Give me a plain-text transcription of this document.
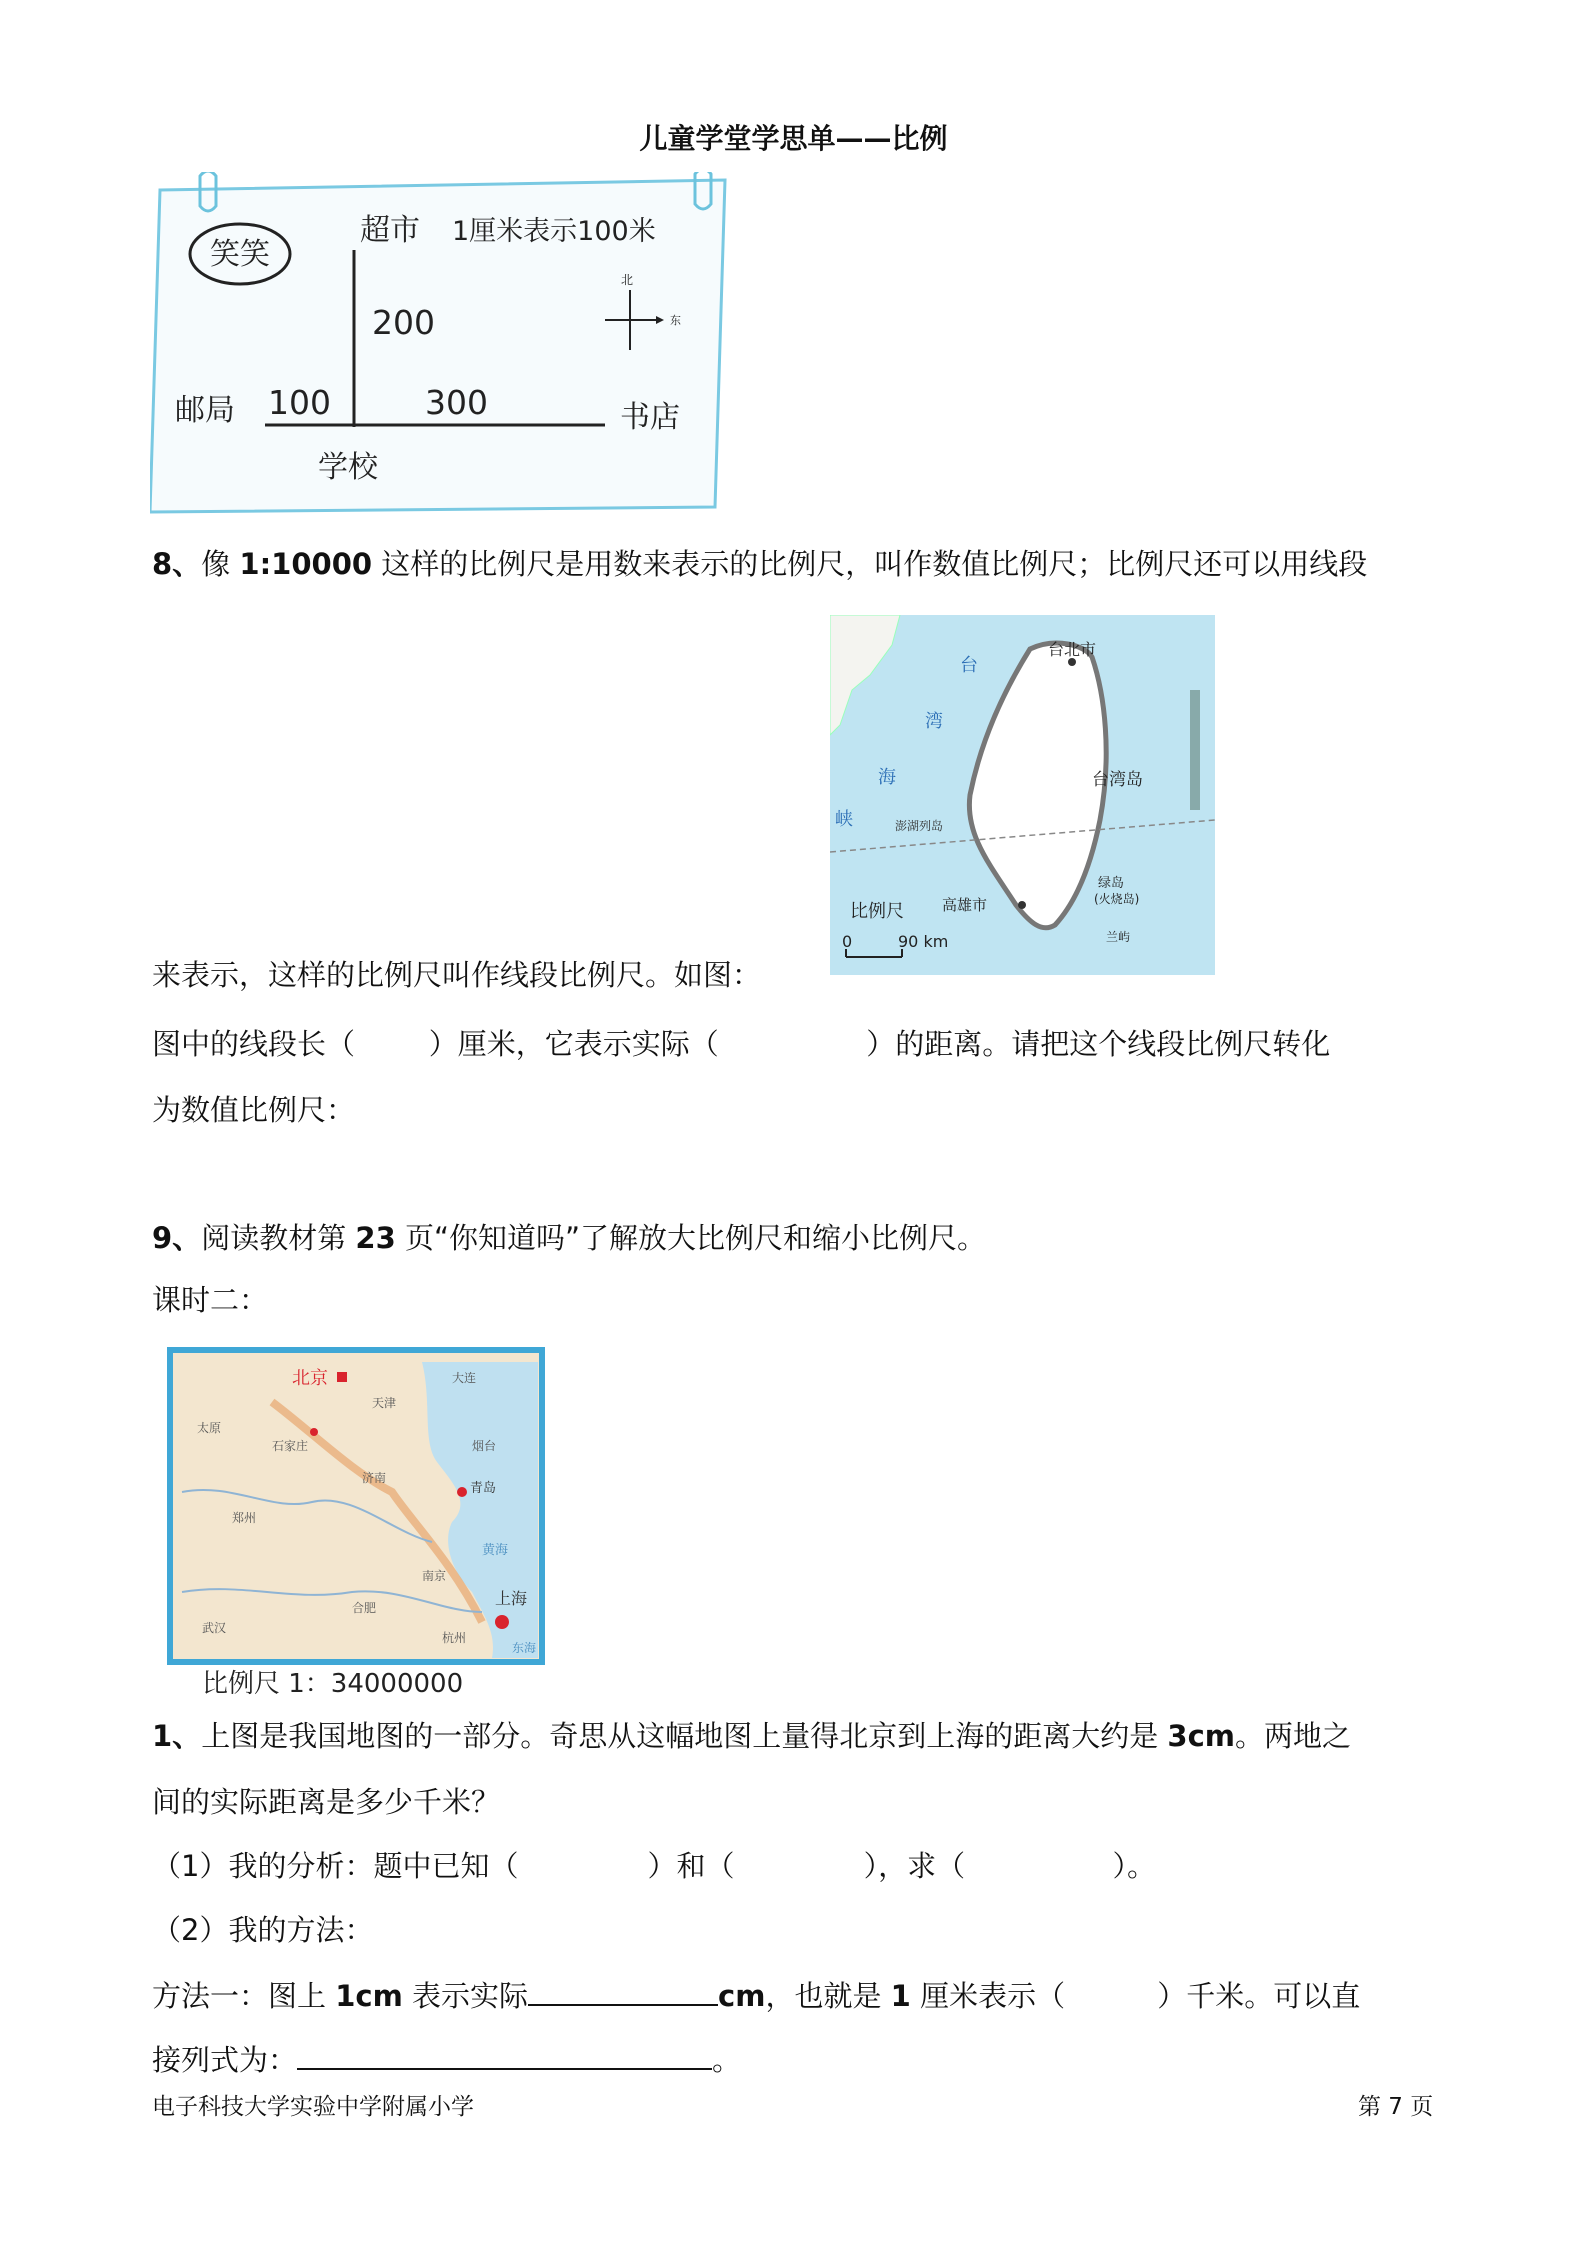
儿童学堂学思单——比例
笑笑
超市 1厘米表示100米
北
东
200
100	300
邮局	书店
学校
8、像 1:10000 这样的比例尺是用数来表示的比例尺，叫作数值比例尺；比例尺还可以用线段
台北市
台湾岛
高雄市
绿岛
(火烧岛)
兰屿
台
湾
海
峡	澎湖列岛
比例尺
0	90 km
来表示，这样的比例尺叫作线段比例尺。如图：
图中的线段长（        ）厘米，它表示实际（                ）的距离。请把这个线段比例尺转化
为数值比例尺：
9、阅读教材第 23 页“你知道吗”了解放大比例尺和缩小比例尺。
课时二：
北京
青岛
上海
天津
大连
太原
石家庄
济南
烟台
郑州
南京
合肥
杭州
武汉
黄海
东海
比例尺 1：34000000
1、上图是我国地图的一部分。奇思从这幅地图上量得北京到上海的距离大约是 3cm。两地之
间的实际距离是多少千米？
（1）我的分析：题中已知（              ）和（              ），求（                ）。
（2）我的方法：
方法一：图上 1cm 表示实际	cm，也就是 1 厘米表示（          ）千米。可以直
接列式为：	。
电子科技大学实验中学附属小学	第 7 页
